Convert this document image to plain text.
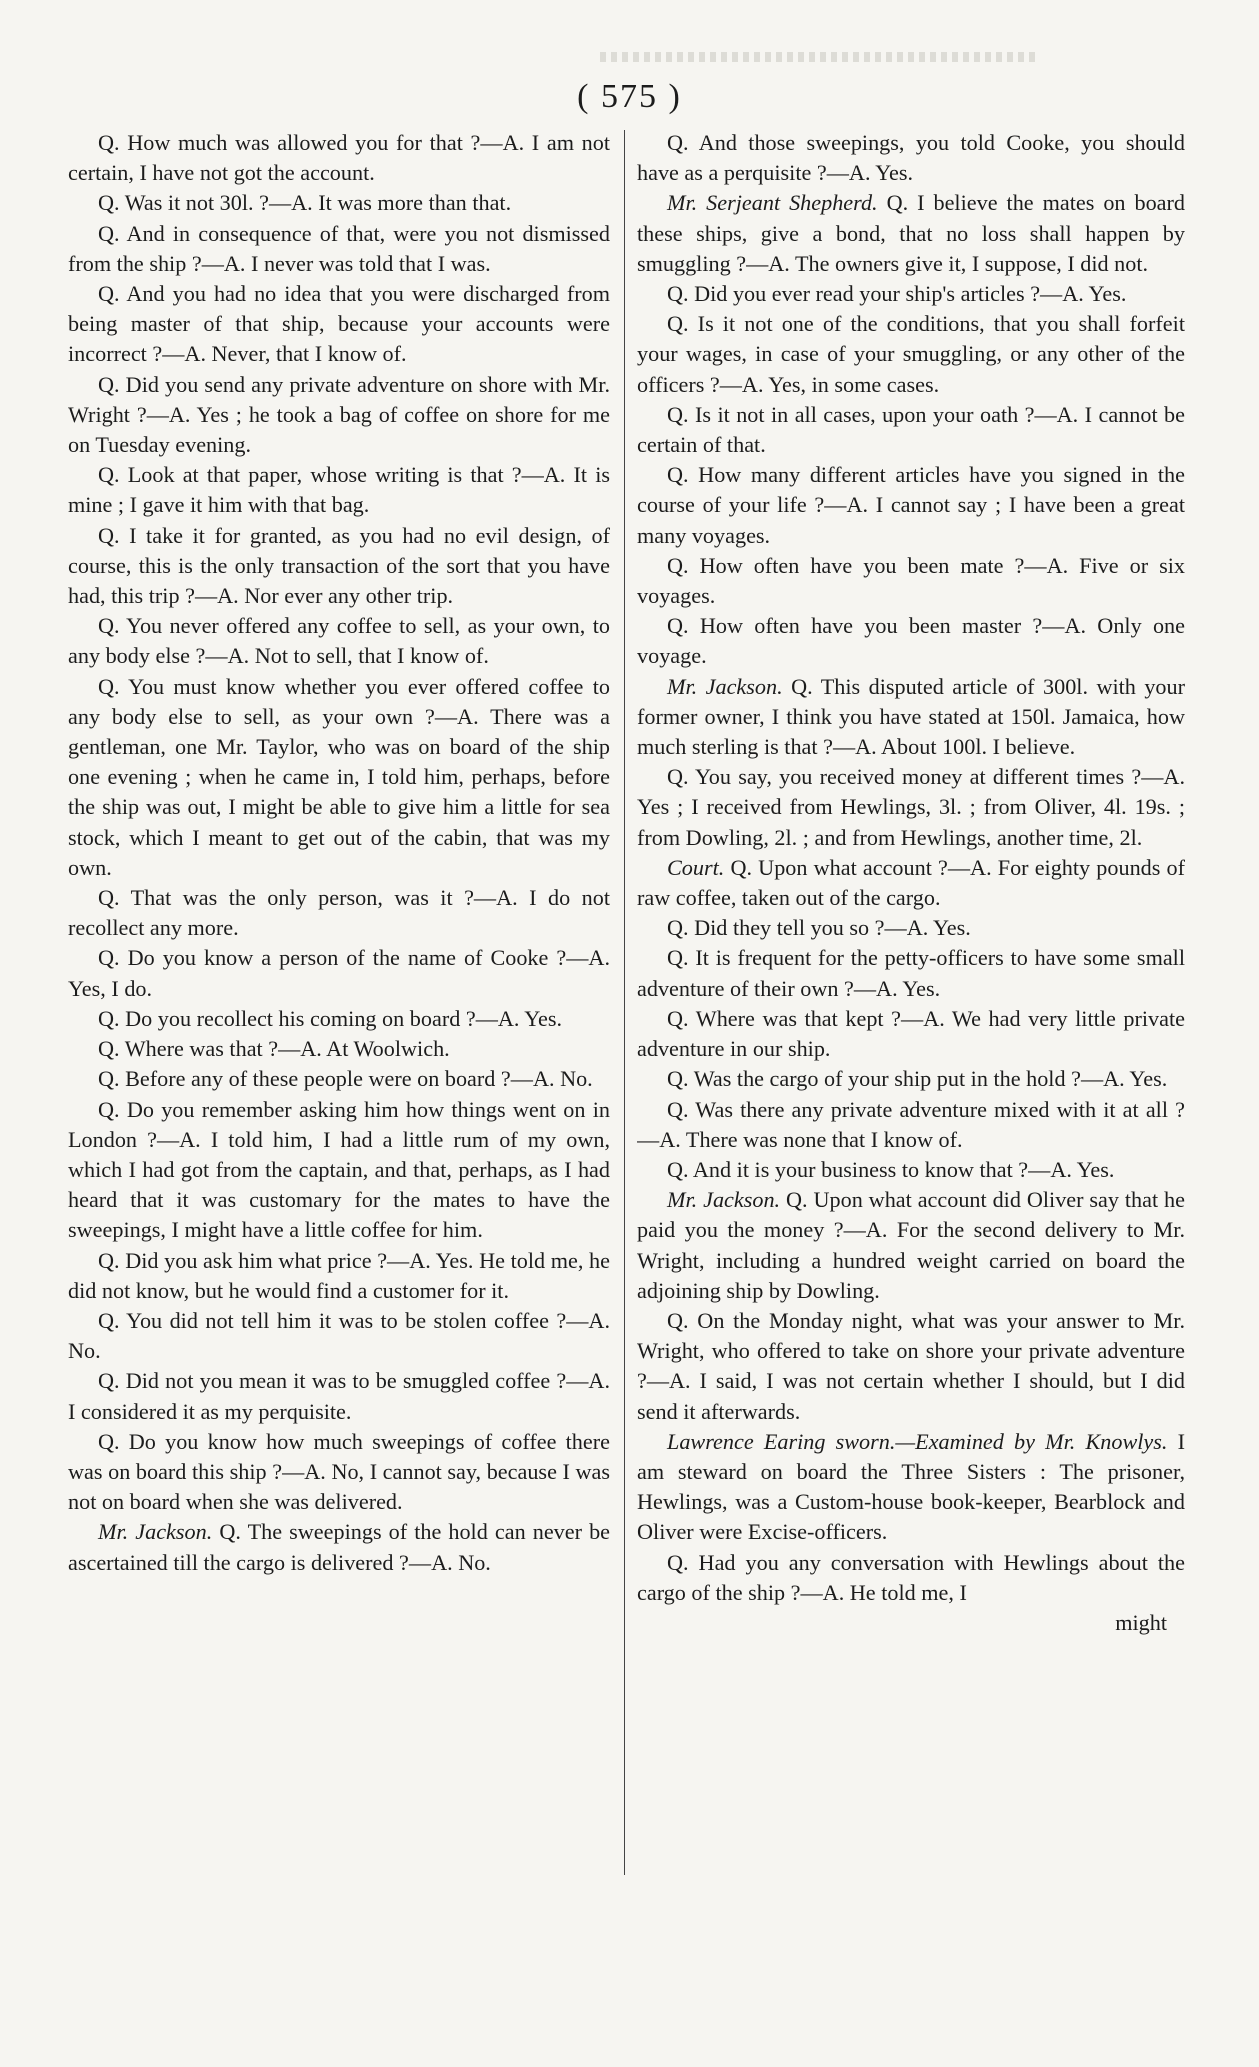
( 575 )

Q. How much was allowed you for that ?—A. I am not certain, I have not got the account.

Q. Was it not 30l. ?—A. It was more than that.

Q. And in consequence of that, were you not dismissed from the ship ?—A. I never was told that I was.

Q. And you had no idea that you were discharged from being master of that ship, because your accounts were incorrect ?—A. Never, that I know of.

Q. Did you send any private adventure on shore with Mr. Wright ?—A. Yes ; he took a bag of coffee on shore for me on Tuesday evening.

Q. Look at that paper, whose writing is that ?—A. It is mine ; I gave it him with that bag.

Q. I take it for granted, as you had no evil design, of course, this is the only transaction of the sort that you have had, this trip ?—A. Nor ever any other trip.

Q. You never offered any coffee to sell, as your own, to any body else ?—A. Not to sell, that I know of.

Q. You must know whether you ever offered coffee to any body else to sell, as your own ?—A. There was a gentleman, one Mr. Taylor, who was on board of the ship one evening ; when he came in, I told him, perhaps, before the ship was out, I might be able to give him a little for sea stock, which I meant to get out of the cabin, that was my own.

Q. That was the only person, was it ?—A. I do not recollect any more.

Q. Do you know a person of the name of Cooke ?—A. Yes, I do.

Q. Do you recollect his coming on board ?—A. Yes.

Q. Where was that ?—A. At Woolwich.

Q. Before any of these people were on board ?—A. No.

Q. Do you remember asking him how things went on in London ?—A. I told him, I had a little rum of my own, which I had got from the captain, and that, perhaps, as I had heard that it was customary for the mates to have the sweepings, I might have a little coffee for him.

Q. Did you ask him what price ?—A. Yes. He told me, he did not know, but he would find a customer for it.

Q. You did not tell him it was to be stolen coffee ?—A. No.

Q. Did not you mean it was to be smuggled coffee ?—A. I considered it as my perquisite.

Q. Do you know how much sweepings of coffee there was on board this ship ?—A. No, I cannot say, because I was not on board when she was delivered.

Mr. Jackson. Q. The sweepings of the hold can never be ascertained till the cargo is delivered ?—A. No.

Q. And those sweepings, you told Cooke, you should have as a perquisite ?—A. Yes.

Mr. Serjeant Shepherd. Q. I believe the mates on board these ships, give a bond, that no loss shall happen by smuggling ?—A. The owners give it, I suppose, I did not.

Q. Did you ever read your ship's articles ?—A. Yes.

Q. Is it not one of the conditions, that you shall forfeit your wages, in case of your smuggling, or any other of the officers ?—A. Yes, in some cases.

Q. Is it not in all cases, upon your oath ?—A. I cannot be certain of that.

Q. How many different articles have you signed in the course of your life ?—A. I cannot say ; I have been a great many voyages.

Q. How often have you been mate ?—A. Five or six voyages.

Q. How often have you been master ?—A. Only one voyage.

Mr. Jackson. Q. This disputed article of 300l. with your former owner, I think you have stated at 150l. Jamaica, how much sterling is that ?—A. About 100l. I believe.

Q. You say, you received money at different times ?—A. Yes ; I received from Hewlings, 3l. ; from Oliver, 4l. 19s. ; from Dowling, 2l. ; and from Hewlings, another time, 2l.

Court. Q. Upon what account ?—A. For eighty pounds of raw coffee, taken out of the cargo.

Q. Did they tell you so ?—A. Yes.

Q. It is frequent for the petty-officers to have some small adventure of their own ?—A. Yes.

Q. Where was that kept ?—A. We had very little private adventure in our ship.

Q. Was the cargo of your ship put in the hold ?—A. Yes.

Q. Was there any private adventure mixed with it at all ?—A. There was none that I know of.

Q. And it is your business to know that ?—A. Yes.

Mr. Jackson. Q. Upon what account did Oliver say that he paid you the money ?—A. For the second delivery to Mr. Wright, including a hundred weight carried on board the adjoining ship by Dowling.

Q. On the Monday night, what was your answer to Mr. Wright, who offered to take on shore your private adventure ?—A. I said, I was not certain whether I should, but I did send it afterwards.

Lawrence Earing sworn.—Examined by Mr. Knowlys. I am steward on board the Three Sisters : The prisoner, Hewlings, was a Custom-house book-keeper, Bearblock and Oliver were Excise-officers.

Q. Had you any conversation with Hewlings about the cargo of the ship ?—A. He told me, I

might
